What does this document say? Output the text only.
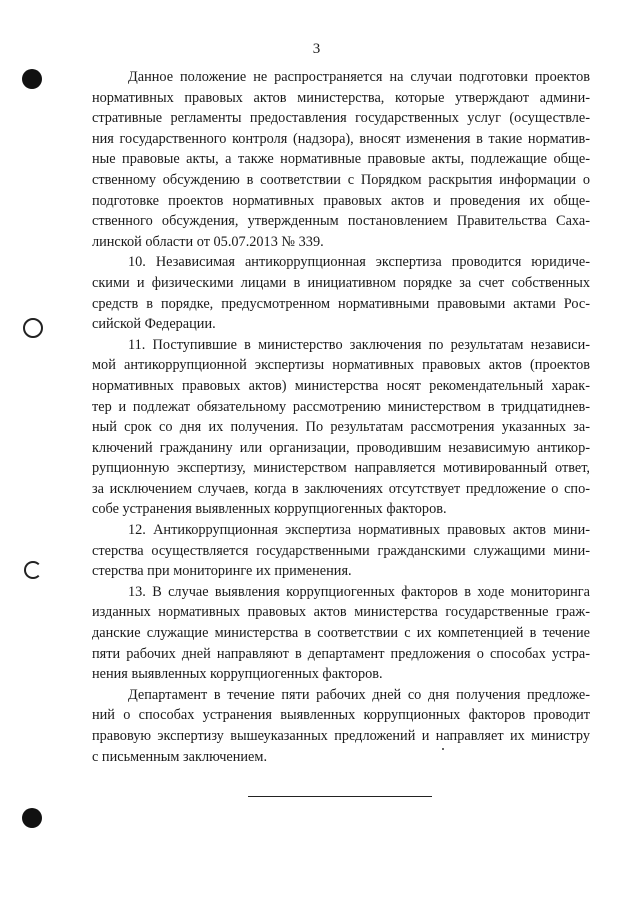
3
Данное положение не распространяется на случаи подготовки проектов
нормативных правовых актов министерства, которые утверждают админи-
стративные регламенты предоставления государственных услуг (осуществле-
ния государственного контроля (надзора), вносят изменения в такие норматив-
ные правовые акты, а также нормативные правовые акты, подлежащие обще-
ственному обсуждению в соответствии с Порядком раскрытия информации о
подготовке проектов нормативных правовых актов и проведения их обще-
ственного обсуждения, утвержденным постановлением Правительства Саха-
линской области от 05.07.2013 № 339.
10. Независимая антикоррупционная экспертиза проводится юридиче-
скими и физическими лицами в инициативном порядке за счет собственных
средств в порядке, предусмотренном нормативными правовыми актами Рос-
сийской Федерации.
11. Поступившие в министерство заключения по результатам независи-
мой антикоррупционной экспертизы нормативных правовых актов (проектов
нормативных правовых актов) министерства носят рекомендательный харак-
тер и подлежат обязательному рассмотрению министерством в тридцатиднев-
ный срок со дня их получения. По результатам рассмотрения указанных за-
ключений гражданину или организации, проводившим независимую антикор-
рупционную экспертизу, министерством направляется мотивированный ответ,
за исключением случаев, когда в заключениях отсутствует предложение о спо-
собе устранения выявленных коррупциогенных факторов.
12. Антикоррупционная экспертиза нормативных правовых актов мини-
стерства осуществляется государственными гражданскими служащими мини-
стерства при мониторинге их применения.
13. В случае выявления коррупциогенных факторов в ходе мониторинга
изданных нормативных правовых актов министерства государственные граж-
данские служащие министерства в соответствии с их компетенцией в течение
пяти рабочих дней направляют в департамент предложения о способах устра-
нения выявленных коррупциогенных факторов.
Департамент в течение пяти рабочих дней со дня получения предложе-
ний о способах устранения выявленных коррупционных факторов проводит
правовую экспертизу вышеуказанных предложений и направляет их министру
с письменным заключением.
